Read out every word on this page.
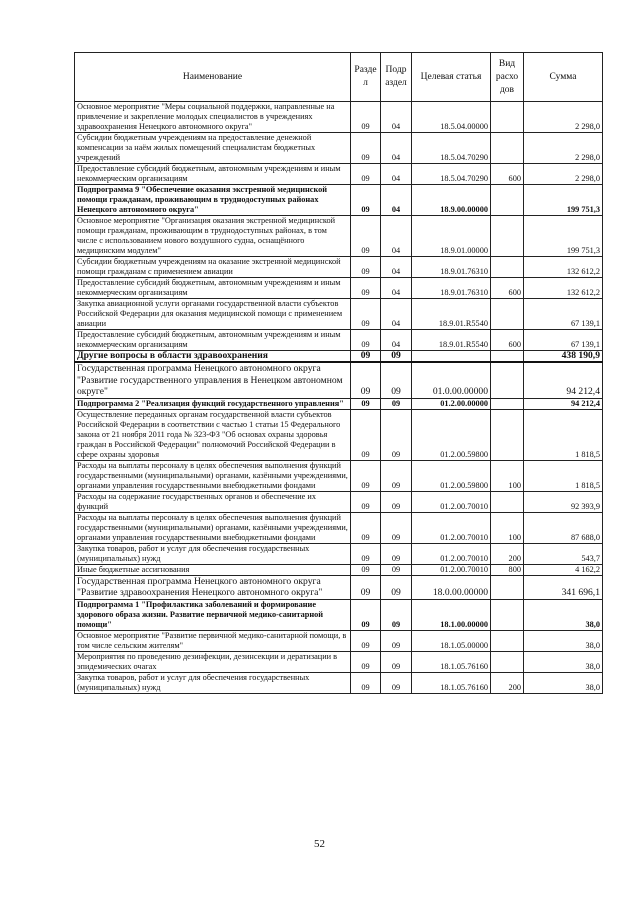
Наименование	Разде л	Подр аздел	Целевая статья	Вид расхо дов	Сумма
Основное мероприятие "Меры социальной поддержки, направленные на привлечение и закрепление молодых специалистов в учреждениях здравоохранения Ненецкого автономного округа"	09	04	18.5.04.00000		2 298,0
Субсидии бюджетным учреждениям на предоставление денежной компенсации за наём жилых помещений специалистам бюджетных учреждений	09	04	18.5.04.70290		2 298,0
Предоставление субсидий бюджетным, автономным учреждениям и иным некоммерческим организациям	09	04	18.5.04.70290	600	2 298,0
Подпрограмма 9 "Обеспечение оказания экстренной медицинской помощи гражданам, проживающим в труднодоступных районах Ненецкого автономного округа"	09	04	18.9.00.00000		199 751,3
Основное мероприятие "Организация оказания экстренной медицинской помощи гражданам, проживающим в труднодоступных районах, в том числе с использованием нового воздушного судна, оснащённого медицинским модулем"	09	04	18.9.01.00000		199 751,3
Субсидии бюджетным учреждениям на оказание экстренной медицинской помощи гражданам с применением авиации	09	04	18.9.01.76310		132 612,2
Предоставление субсидий бюджетным, автономным учреждениям и иным некоммерческим организациям	09	04	18.9.01.76310	600	132 612,2
Закупка авиационной услуги органами государственной власти субъектов Российской Федерации для оказания медицинской помощи с применением авиации	09	04	18.9.01.R5540		67 139,1
Предоставление субсидий бюджетным, автономным учреждениям и иным некоммерческим организациям	09	04	18.9.01.R5540	600	67 139,1
Другие вопросы в области здравоохранения	09	09			438 190,9
Государственная программа Ненецкого автономного округа "Развитие государственного управления в Ненецком автономном округе"	09	09	01.0.00.00000		94 212,4
Подпрограмма 2 "Реализация функций государственного управления"	09	09	01.2.00.00000		94 212,4
Осуществление переданных органам государственной власти субъектов Российской Федерации в соответствии с частью 1 статьи 15 Федерального закона от 21 ноября 2011 года № 323-ФЗ "Об основах охраны здоровья граждан в Российской Федерации" полномочий Российской Федерации в сфере охраны здоровья	09	09	01.2.00.59800		1 818,5
Расходы на выплаты персоналу в целях обеспечения выполнения функций государственными (муниципальными) органами, казёнными учреждениями, органами управления государственными внебюджетными фондами	09	09	01.2.00.59800	100	1 818,5
Расходы на содержание государственных органов и обеспечение их функций	09	09	01.2.00.70010		92 393,9
Расходы на выплаты персоналу в целях обеспечения выполнения функций государственными (муниципальными) органами, казёнными учреждениями, органами управления государственными внебюджетными фондами	09	09	01.2.00.70010	100	87 688,0
Закупка товаров, работ и услуг для обеспечения государственных (муниципальных) нужд	09	09	01.2.00.70010	200	543,7
Иные бюджетные ассигнования	09	09	01.2.00.70010	800	4 162,2
Государственная программа Ненецкого автономного округа "Развитие здравоохранения Ненецкого автономного округа"	09	09	18.0.00.00000		341 696,1
Подпрограмма 1 "Профилактика заболеваний и формирование здорового образа жизни. Развитие первичной медико-санитарной помощи"	09	09	18.1.00.00000		38,0
Основное мероприятие "Развитие первичной медико-санитарной помощи, в том числе сельским жителям"	09	09	18.1.05.00000		38,0
Мероприятия по проведению дезинфекции, дезинсекции и дератизации в эпидемических очагах	09	09	18.1.05.76160		38,0
Закупка товаров, работ и услуг для обеспечения государственных (муниципальных) нужд	09	09	18.1.05.76160	200	38,0
52
